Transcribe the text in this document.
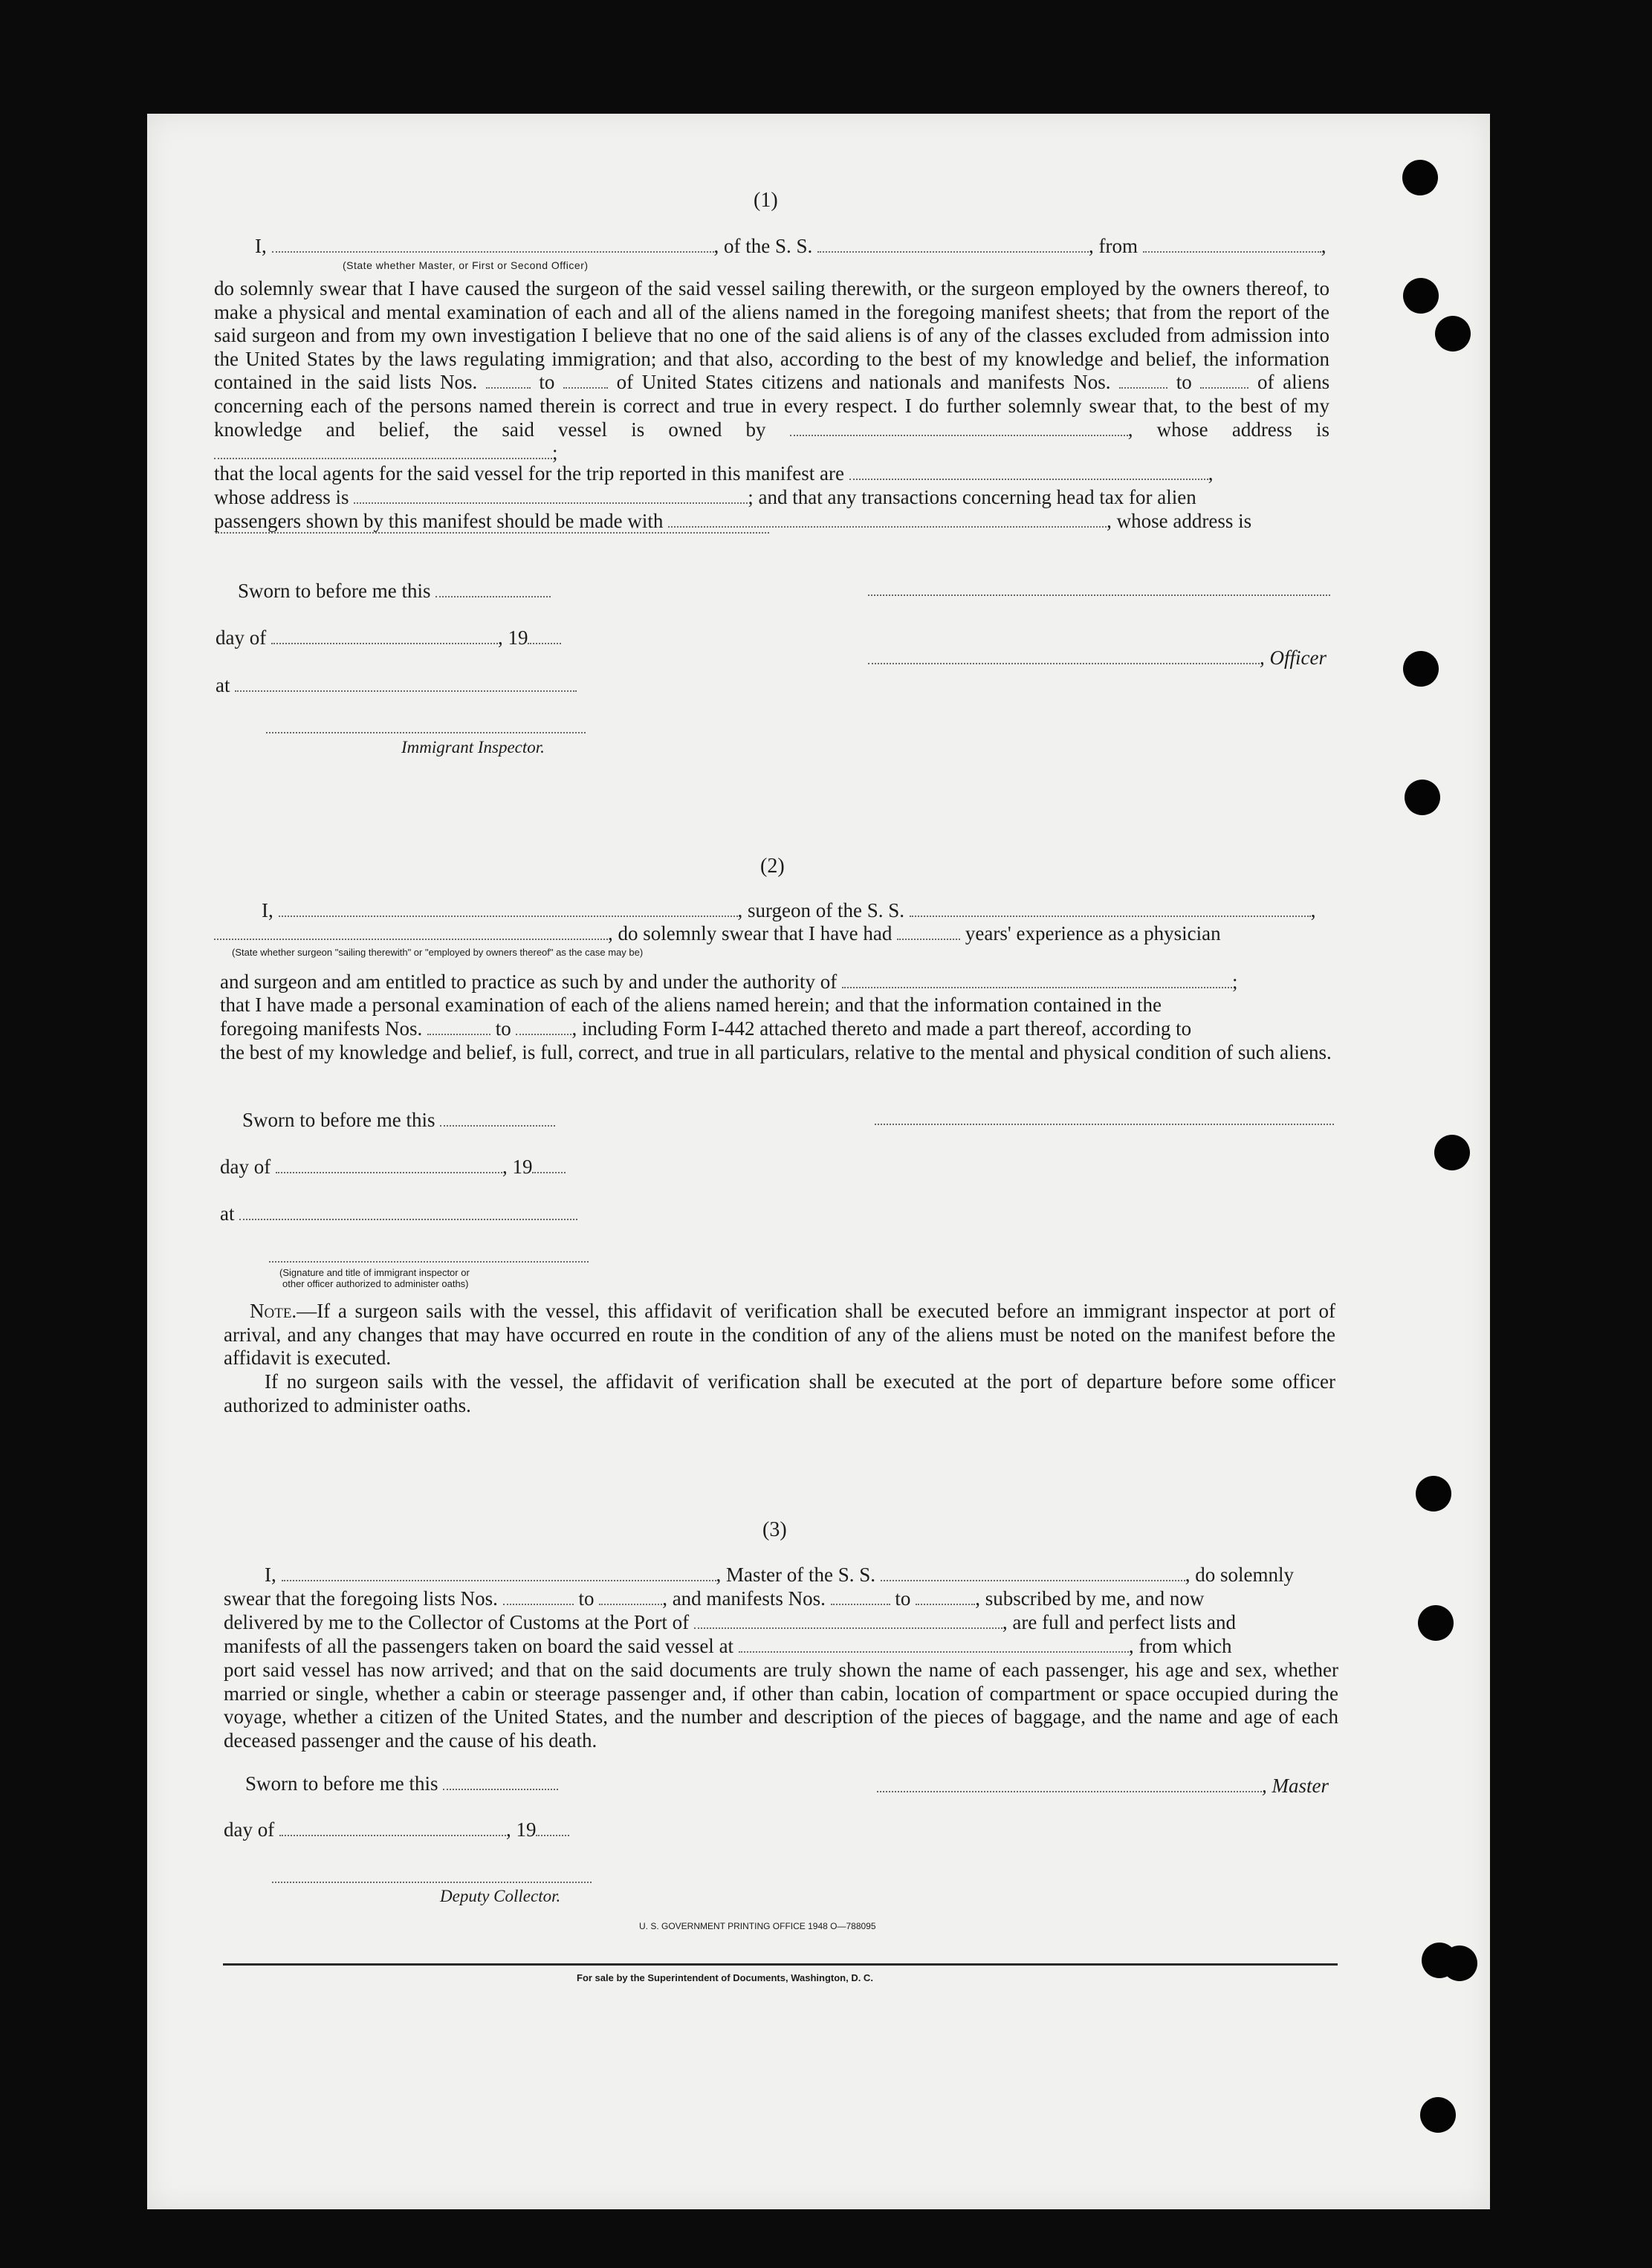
(1)
I,	, of the S. S.	, from	,
(State whether Master, or First or Second Officer)
do solemnly swear that I have caused the surgeon of the said vessel sailing therewith, or the surgeon employed by the owners thereof, to make a physical and mental examination of each and all of the aliens named in the foregoing manifest sheets; that from the report of the said surgeon and from my own investigation I believe that no one of the said aliens is of any of the classes excluded from admission into the United States by the laws regulating immigration; and that also, according to the best of my knowledge and belief, the information contained in the said lists Nos.	to	of United States citizens and nationals and manifests Nos.	to	of aliens concerning each of the persons named therein is correct and true in every respect. I do further solemnly swear that, to the best of my knowledge and belief, the said vessel is owned by	, whose address is ;
that the local agents for the said vessel for the trip reported in this manifest are	,
whose address is	; and that any transactions concerning head tax for alien
passengers shown by this manifest should be made with	, whose address is
Sworn to before me this
day of	, 19
, Officer
at
Immigrant Inspector.
(2)
I,	, surgeon of the S. S.	,
, do solemnly swear that I have had	years' experience as a physician
(State whether surgeon "sailing therewith" or "employed by owners thereof" as the case may be)
and surgeon and am entitled to practice as such by and under the authority of	;
that I have made a personal examination of each of the aliens named herein; and that the information contained in the
foregoing manifests Nos.	to	, including Form I-442 attached thereto and made a part thereof, according to
the best of my knowledge and belief, is full, correct, and true in all particulars, relative to the mental and physical condition of such aliens.
Sworn to before me this
day of	, 19
at
(Signature and title of immigrant inspector or
other officer authorized to administer oaths)
Note.—If a surgeon sails with the vessel, this affidavit of verification shall be executed before an immigrant inspector at port of arrival, and any changes that may have occurred en route in the condition of any of the aliens must be noted on the manifest before the affidavit is executed.
If no surgeon sails with the vessel, the affidavit of verification shall be executed at the port of departure before some officer authorized to administer oaths.
(3)
I,	, Master of the S. S.	, do solemnly
swear that the foregoing lists Nos.	to	, and manifests Nos.	to	, subscribed by me, and now
delivered by me to the Collector of Customs at the Port of	, are full and perfect lists and
manifests of all the passengers taken on board the said vessel at	, from which
port said vessel has now arrived; and that on the said documents are truly shown the name of each passenger, his age and sex, whether married or single, whether a cabin or steerage passenger and, if other than cabin, location of compartment or space occupied during the voyage, whether a citizen of the United States, and the number and description of the pieces of baggage, and the name and age of each deceased passenger and the cause of his death.
Sworn to before me this	, Master
day of	, 19
Deputy Collector.
U. S. GOVERNMENT PRINTING OFFICE 1948 O—788095
For sale by the Superintendent of Documents, Washington, D. C.
